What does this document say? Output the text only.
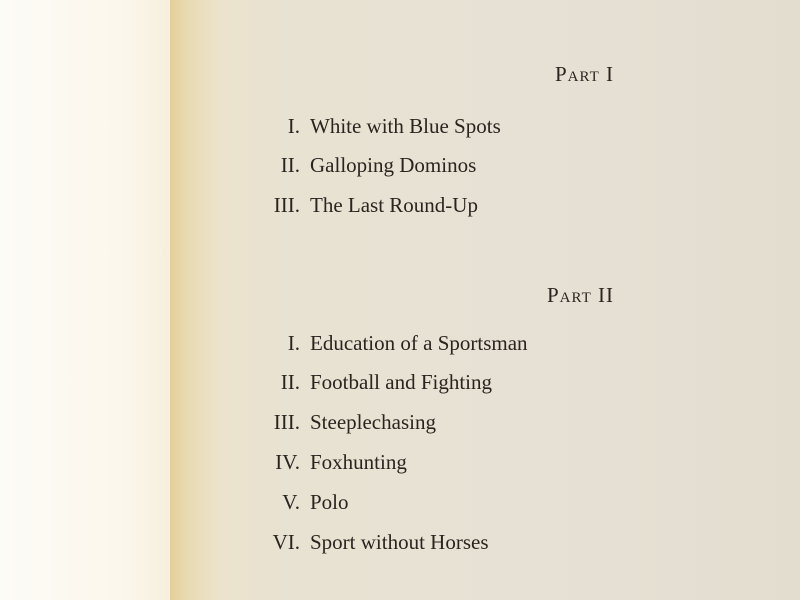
Part I
I. White with Blue Spots
II. Galloping Dominos
III. The Last Round-Up
Part II
I. Education of a Sportsman
II. Football and Fighting
III. Steeplechasing
IV. Foxhunting
V. Polo
VI. Sport without Horses
